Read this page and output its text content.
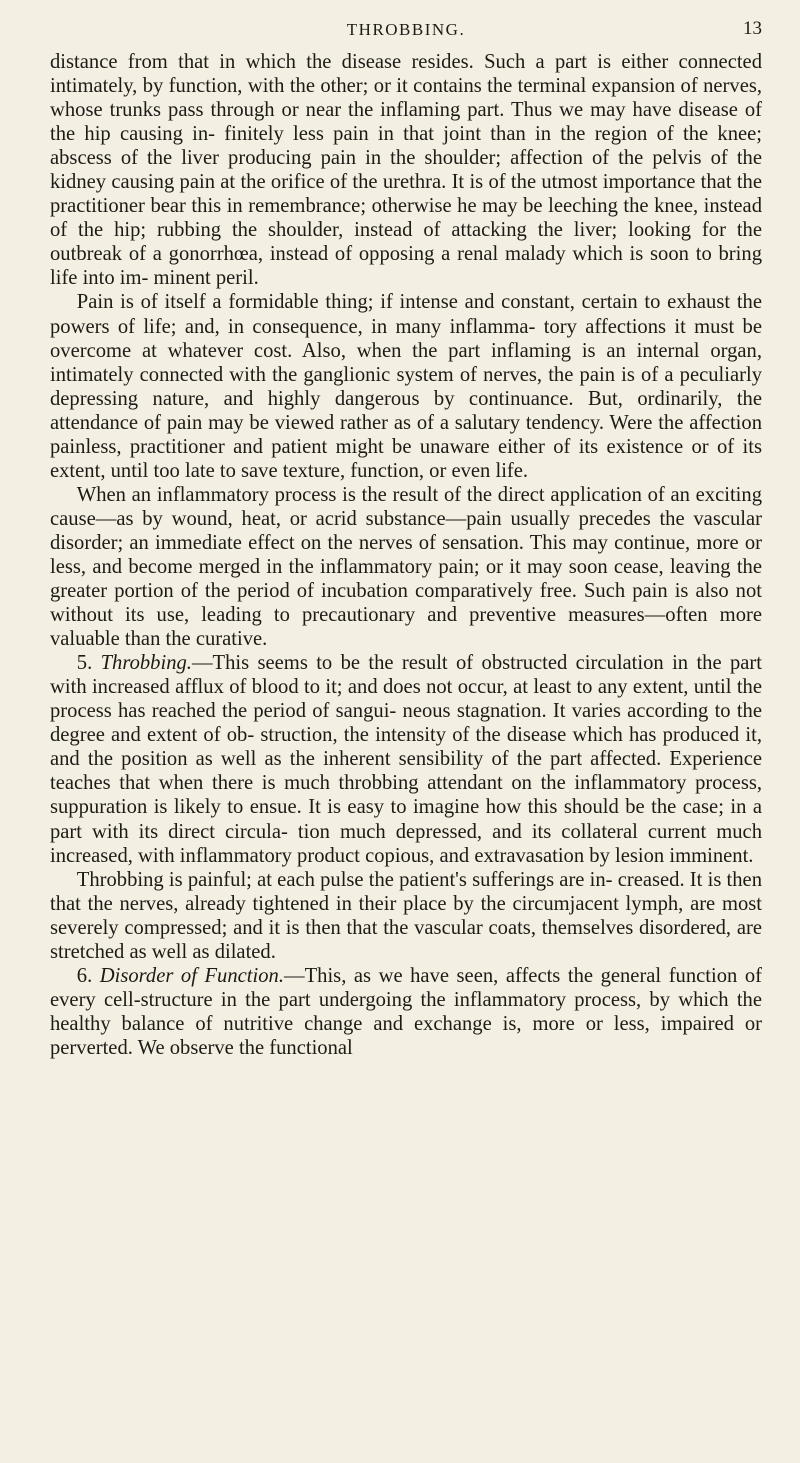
THROBBING.	13

distance from that in which the disease resides. Such a part is either connected intimately, by function, with the other; or it contains the terminal expansion of nerves, whose trunks pass through or near the inflaming part. Thus we may have disease of the hip causing in- finitely less pain in that joint than in the region of the knee; abscess of the liver producing pain in the shoulder; affection of the pelvis of the kidney causing pain at the orifice of the urethra. It is of the utmost importance that the practitioner bear this in remembrance; otherwise he may be leeching the knee, instead of the hip; rubbing the shoulder, instead of attacking the liver; looking for the outbreak of a gonorrhœa, instead of opposing a renal malady which is soon to bring life into im- minent peril.

Pain is of itself a formidable thing; if intense and constant, certain to exhaust the powers of life; and, in consequence, in many inflamma- tory affections it must be overcome at whatever cost. Also, when the part inflaming is an internal organ, intimately connected with the ganglionic system of nerves, the pain is of a peculiarly depressing nature, and highly dangerous by continuance. But, ordinarily, the attendance of pain may be viewed rather as of a salutary tendency. Were the affection painless, practitioner and patient might be unaware either of its existence or of its extent, until too late to save texture, function, or even life.

When an inflammatory process is the result of the direct application of an exciting cause—as by wound, heat, or acrid substance—pain usually precedes the vascular disorder; an immediate effect on the nerves of sensation. This may continue, more or less, and become merged in the inflammatory pain; or it may soon cease, leaving the greater portion of the period of incubation comparatively free. Such pain is also not without its use, leading to precautionary and preventive measures—often more valuable than the curative.

5. Throbbing.—This seems to be the result of obstructed circulation in the part with increased afflux of blood to it; and does not occur, at least to any extent, until the process has reached the period of sangui- neous stagnation. It varies according to the degree and extent of ob- struction, the intensity of the disease which has produced it, and the position as well as the inherent sensibility of the part affected. Experience teaches that when there is much throbbing attendant on the inflammatory process, suppuration is likely to ensue. It is easy to imagine how this should be the case; in a part with its direct circula- tion much depressed, and its collateral current much increased, with inflammatory product copious, and extravasation by lesion imminent.

Throbbing is painful; at each pulse the patient's sufferings are in- creased. It is then that the nerves, already tightened in their place by the circumjacent lymph, are most severely compressed; and it is then that the vascular coats, themselves disordered, are stretched as well as dilated.

6. Disorder of Function.—This, as we have seen, affects the general function of every cell-structure in the part undergoing the inflammatory process, by which the healthy balance of nutritive change and exchange is, more or less, impaired or perverted. We observe the functional
